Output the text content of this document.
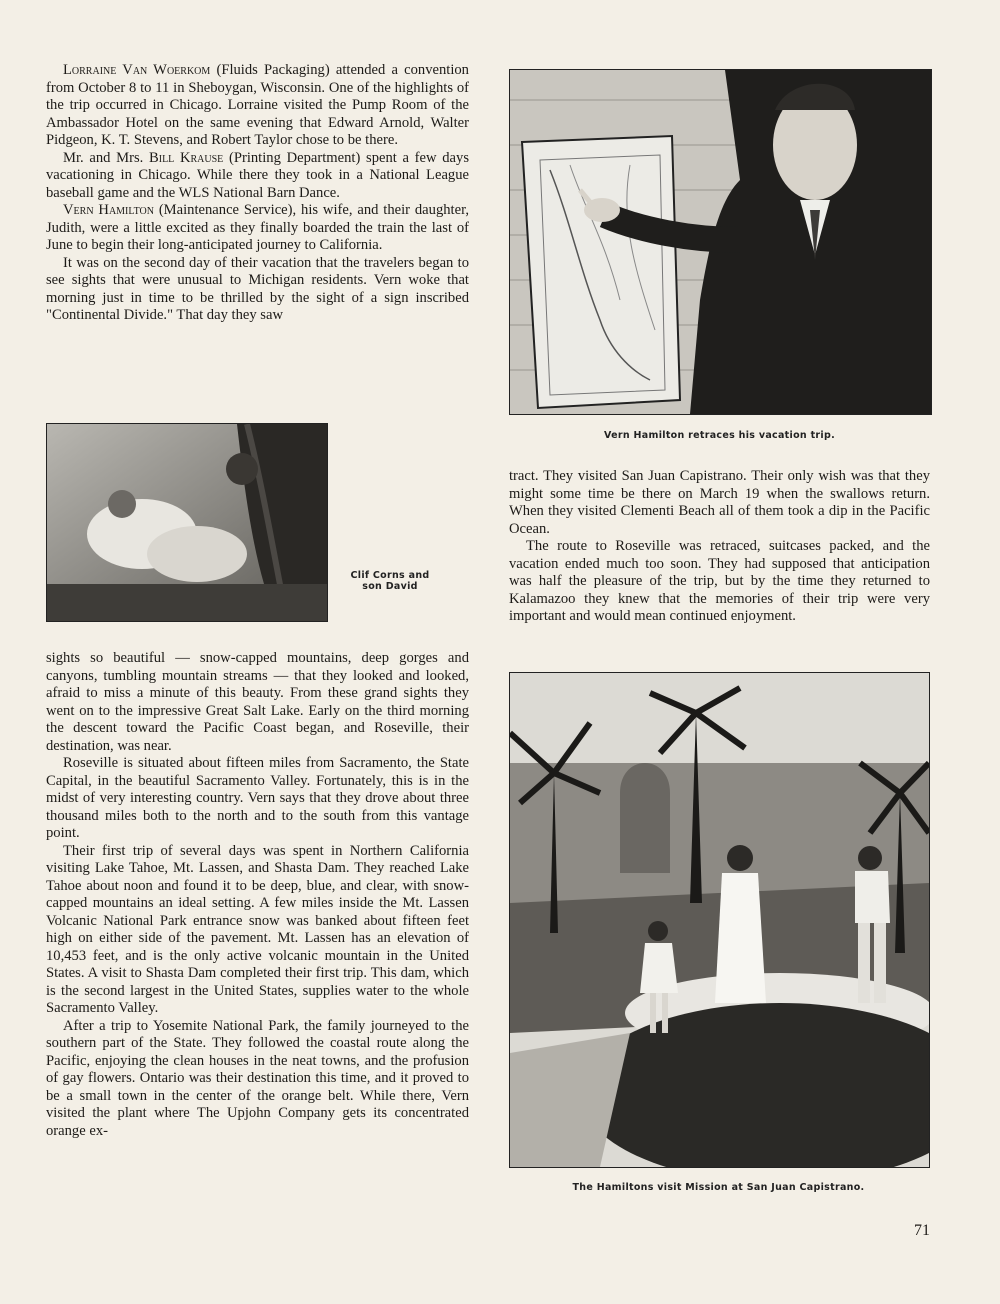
Lorraine Van Woerkom (Fluids Packaging) attended a convention from October 8 to 11 in Sheboygan, Wisconsin. One of the highlights of the trip occurred in Chicago. Lorraine visited the Pump Room of the Ambassador Hotel on the same evening that Edward Arnold, Walter Pidgeon, K. T. Stevens, and Robert Taylor chose to be there.

Mr. and Mrs. Bill Krause (Printing Department) spent a few days vacationing in Chicago. While there they took in a National League baseball game and the WLS National Barn Dance.

Vern Hamilton (Maintenance Service), his wife, and their daughter, Judith, were a little excited as they finally boarded the train the last of June to begin their long-anticipated journey to California.

It was on the second day of their vacation that the travelers began to see sights that were unusual to Michigan residents. Vern woke that morning just in time to be thrilled by the sight of a sign inscribed "Continental Divide." That day they saw

Clif Corns and son David

sights so beautiful — snow-capped mountains, deep gorges and canyons, tumbling mountain streams — that they looked and looked, afraid to miss a minute of this beauty. From these grand sights they went on to the impressive Great Salt Lake. Early on the third morning the descent toward the Pacific Coast began, and Roseville, their destination, was near.

Roseville is situated about fifteen miles from Sacramento, the State Capital, in the beautiful Sacramento Valley. Fortunately, this is in the midst of very interesting country. Vern says that they drove about three thousand miles both to the north and to the south from this vantage point.

Their first trip of several days was spent in Northern California visiting Lake Tahoe, Mt. Lassen, and Shasta Dam. They reached Lake Tahoe about noon and found it to be deep, blue, and clear, with snow-capped mountains an ideal setting. A few miles inside the Mt. Lassen Volcanic National Park entrance snow was banked about fifteen feet high on either side of the pavement. Mt. Lassen has an elevation of 10,453 feet, and is the only active volcanic mountain in the United States. A visit to Shasta Dam completed their first trip. This dam, which is the second largest in the United States, supplies water to the whole Sacramento Valley.

After a trip to Yosemite National Park, the family journeyed to the southern part of the State. They followed the coastal route along the Pacific, enjoying the clean houses in the neat towns, and the profusion of gay flowers. Ontario was their destination this time, and it proved to be a small town in the center of the orange belt. While there, Vern visited the plant where The Upjohn Company gets its concentrated orange ex-

Vern Hamilton retraces his vacation trip.

tract. They visited San Juan Capistrano. Their only wish was that they might some time be there on March 19 when the swallows return. When they visited Clementi Beach all of them took a dip in the Pacific Ocean.

The route to Roseville was retraced, suitcases packed, and the vacation ended much too soon. They had supposed that anticipation was half the pleasure of the trip, but by the time they returned to Kalamazoo they knew that the memories of their trip were very important and would mean continued enjoyment.

The Hamiltons visit Mission at San Juan Capistrano.
71
